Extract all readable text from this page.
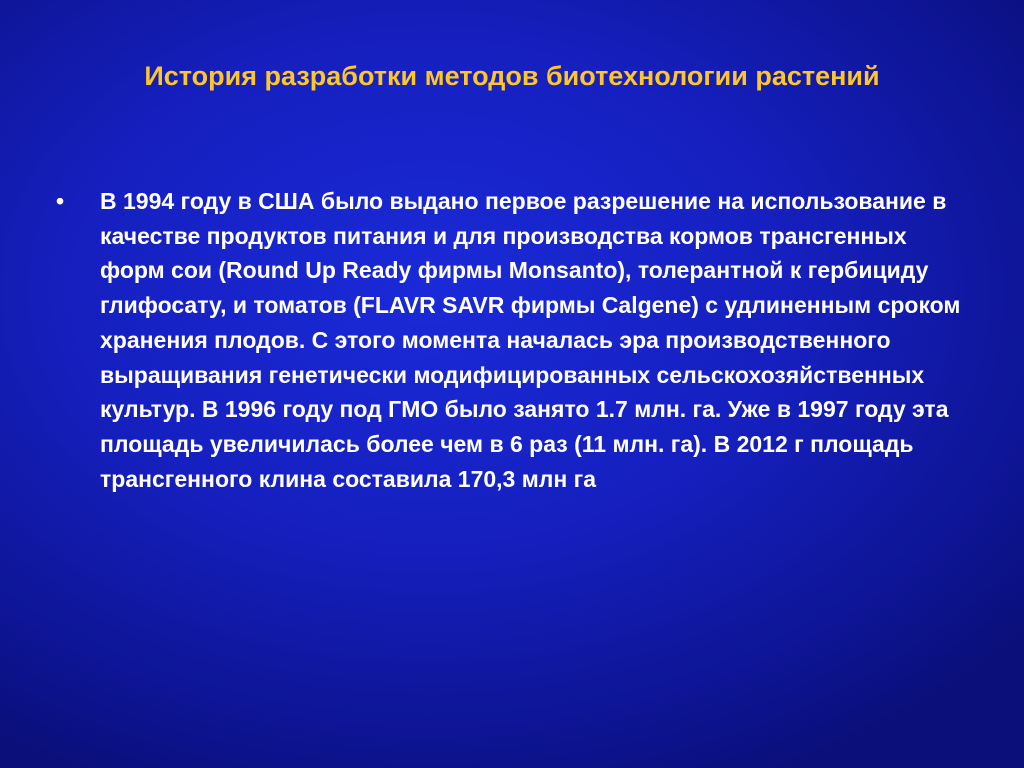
История разработки методов биотехнологии растений
• В 1994 году в США было выдано первое разрешение на использование в качестве продуктов питания и для производства кормов трансгенных форм сои (Round Up Ready фирмы Monsanto), толерантной к гербициду глифосату, и томатов (FLAVR SAVR фирмы Calgene) с удлиненным сроком хранения плодов. С этого момента началась эра производственного выращивания генетически модифицированных сельскохозяйственных культур. В 1996 году под ГМО было занято 1.7 млн. га. Уже в 1997 году эта площадь увеличилась более чем в 6 раз (11 млн. га). В 2012 г площадь трансгенного клина составила 170,3 млн га
